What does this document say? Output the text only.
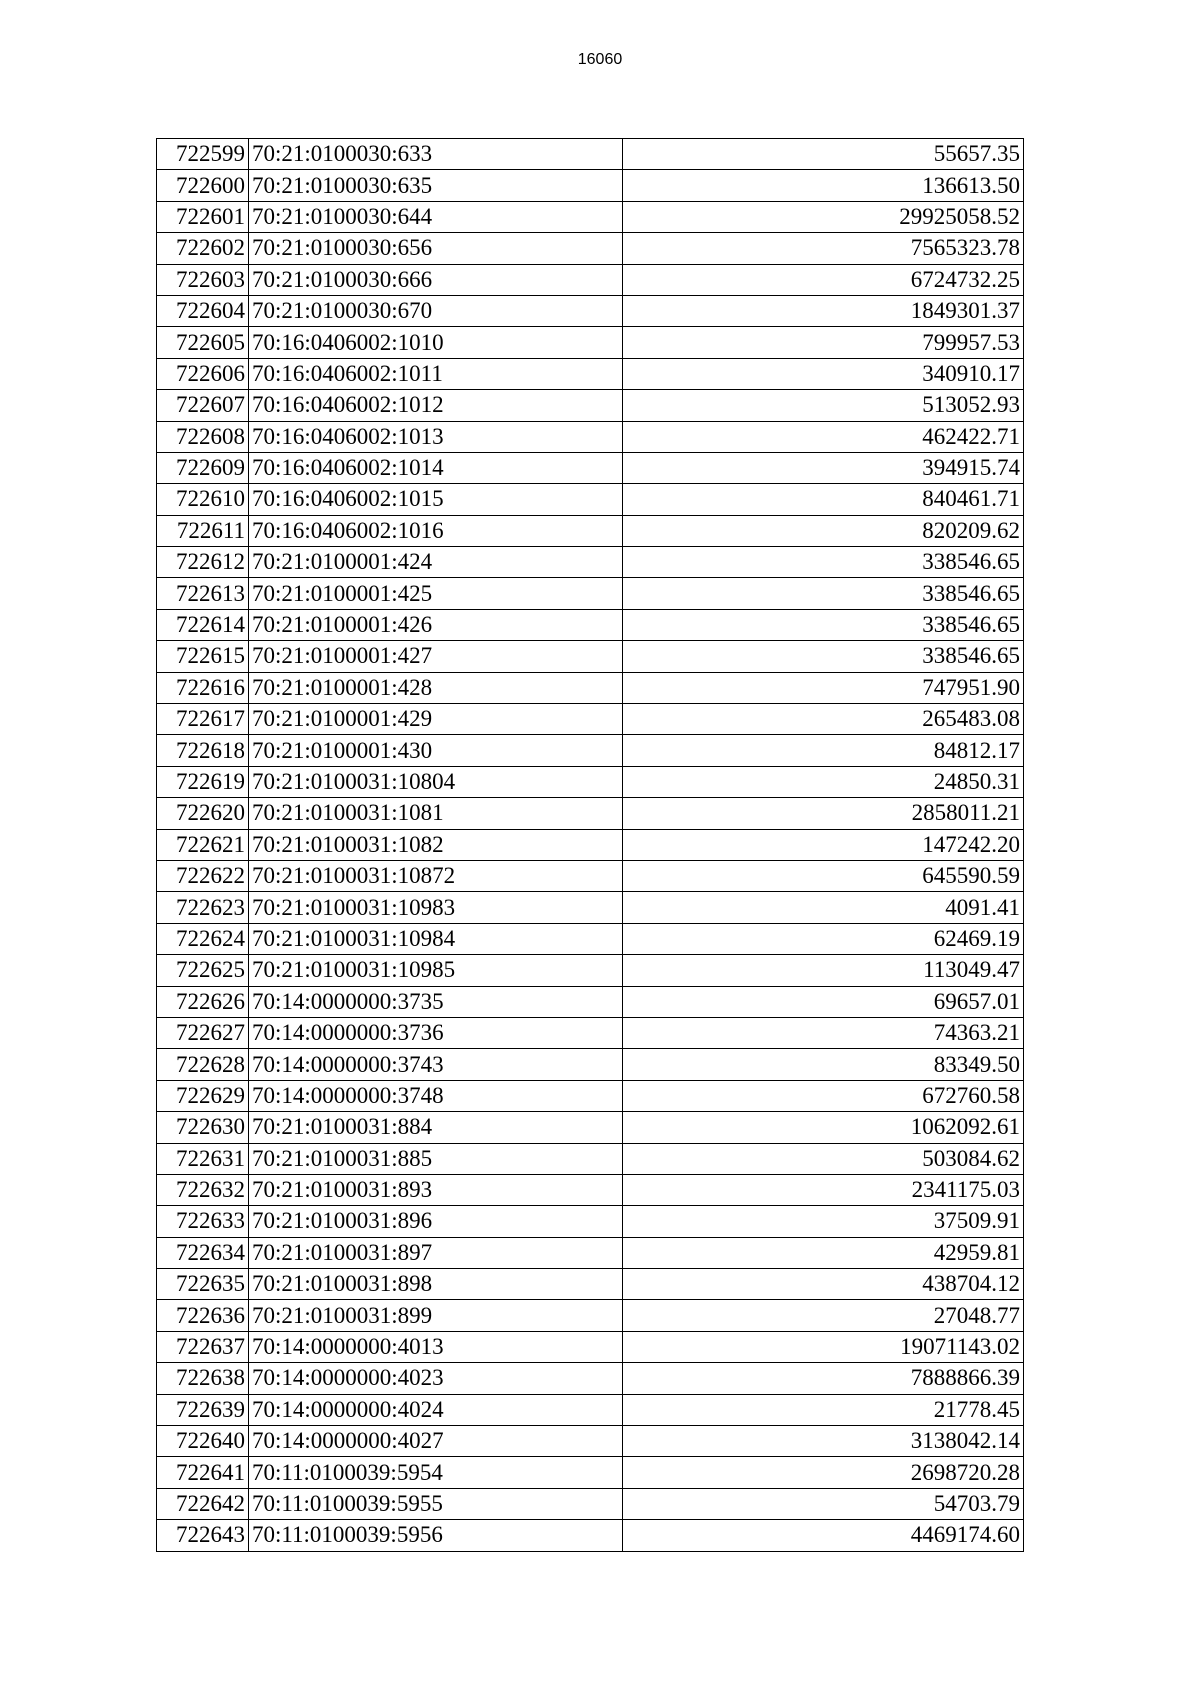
16060
722599	70:21:0100030:633	55657.35
722600	70:21:0100030:635	136613.50
722601	70:21:0100030:644	29925058.52
722602	70:21:0100030:656	7565323.78
722603	70:21:0100030:666	6724732.25
722604	70:21:0100030:670	1849301.37
722605	70:16:0406002:1010	799957.53
722606	70:16:0406002:1011	340910.17
722607	70:16:0406002:1012	513052.93
722608	70:16:0406002:1013	462422.71
722609	70:16:0406002:1014	394915.74
722610	70:16:0406002:1015	840461.71
722611	70:16:0406002:1016	820209.62
722612	70:21:0100001:424	338546.65
722613	70:21:0100001:425	338546.65
722614	70:21:0100001:426	338546.65
722615	70:21:0100001:427	338546.65
722616	70:21:0100001:428	747951.90
722617	70:21:0100001:429	265483.08
722618	70:21:0100001:430	84812.17
722619	70:21:0100031:10804	24850.31
722620	70:21:0100031:1081	2858011.21
722621	70:21:0100031:1082	147242.20
722622	70:21:0100031:10872	645590.59
722623	70:21:0100031:10983	4091.41
722624	70:21:0100031:10984	62469.19
722625	70:21:0100031:10985	113049.47
722626	70:14:0000000:3735	69657.01
722627	70:14:0000000:3736	74363.21
722628	70:14:0000000:3743	83349.50
722629	70:14:0000000:3748	672760.58
722630	70:21:0100031:884	1062092.61
722631	70:21:0100031:885	503084.62
722632	70:21:0100031:893	2341175.03
722633	70:21:0100031:896	37509.91
722634	70:21:0100031:897	42959.81
722635	70:21:0100031:898	438704.12
722636	70:21:0100031:899	27048.77
722637	70:14:0000000:4013	19071143.02
722638	70:14:0000000:4023	7888866.39
722639	70:14:0000000:4024	21778.45
722640	70:14:0000000:4027	3138042.14
722641	70:11:0100039:5954	2698720.28
722642	70:11:0100039:5955	54703.79
722643	70:11:0100039:5956	4469174.60
